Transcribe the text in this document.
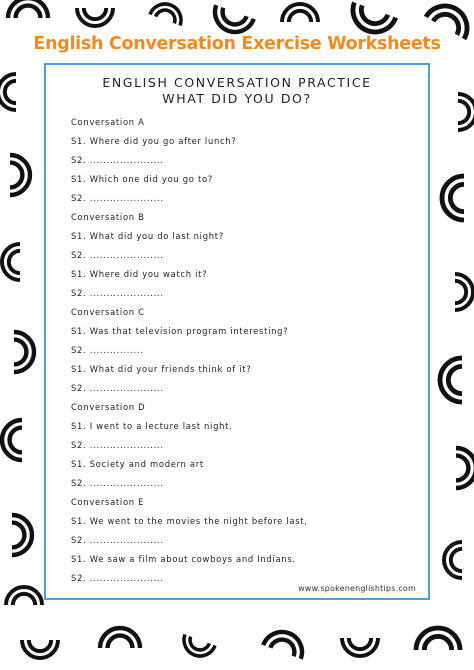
English Conversation Exercise Worksheets
ENGLISH CONVERSATION PRACTICE
WHAT DID YOU DO?
Conversation A
S1. Where did you go after lunch?
S2. ......................
S1. Which one did you go to?
S2. ......................
Conversation B
S1. What did you do last night?
S2. ......................
S1. Where did you watch it?
S2. ......................
Conversation C
S1. Was that television program interesting?
S2. ................
S1. What did your friends think of it?
S2. ......................
Conversation D
S1. I went to a lecture last night.
S2. ......................
S1. Society and modern art
S2. ......................
Conversation E
S1. We went to the movies the night before last,
S2. ......................
S1. We saw a film about cowboys and Indians.
S2. ......................
www.spokenenglishtips.com
